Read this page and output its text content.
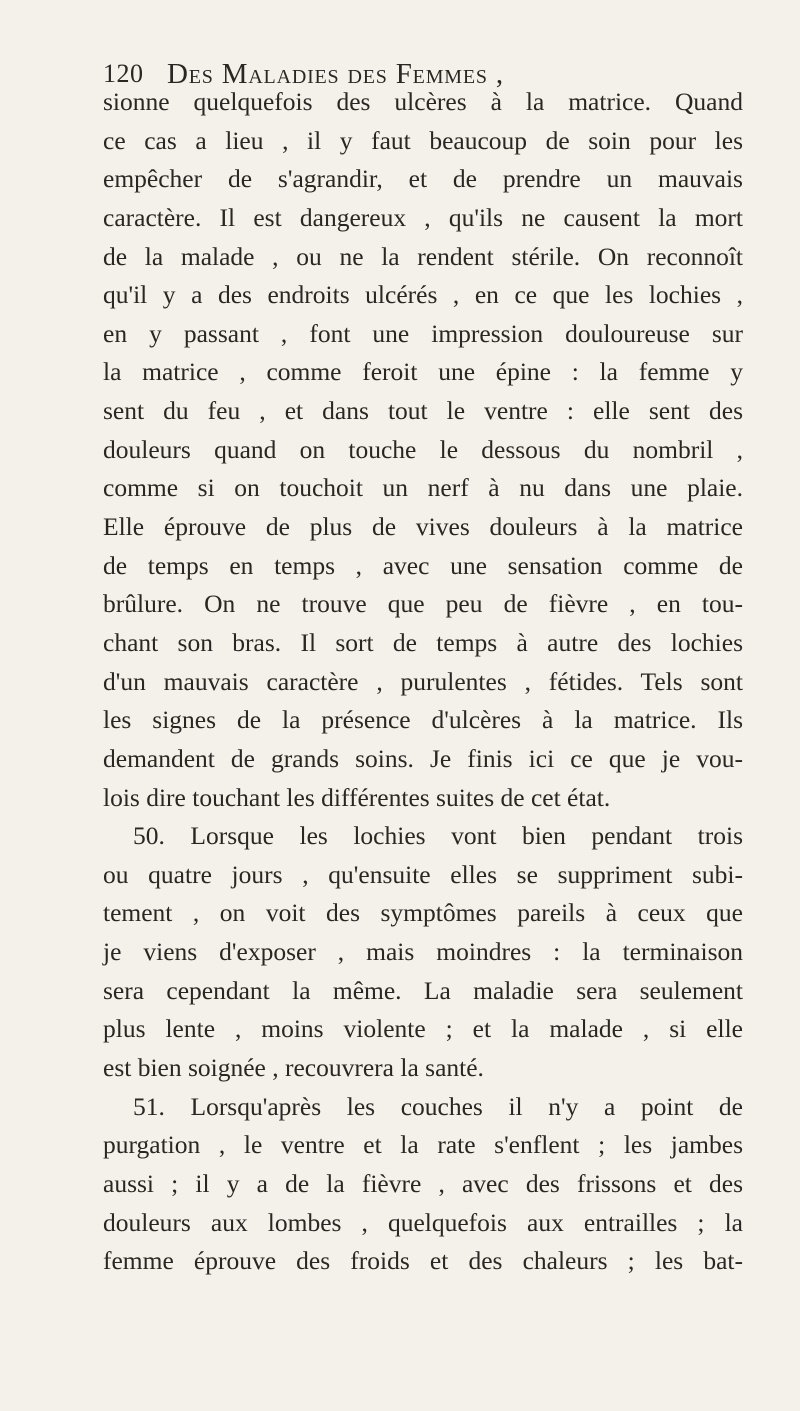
120 Des Maladies des Femmes ,
sionne quelquefois des ulcères à la matrice. Quand
ce cas a lieu , il y faut beaucoup de soin pour les
empêcher de s'agrandir, et de prendre un mauvais
caractère. Il est dangereux , qu'ils ne causent la mort
de la malade , ou ne la rendent stérile. On reconnoît
qu'il y a des endroits ulcérés , en ce que les lochies ,
en y passant , font une impression douloureuse sur
la matrice , comme feroit une épine : la femme y
sent du feu , et dans tout le ventre : elle sent des
douleurs quand on touche le dessous du nombril ,
comme si on touchoit un nerf à nu dans une plaie.
Elle éprouve de plus de vives douleurs à la matrice
de temps en temps , avec une sensation comme de
brûlure. On ne trouve que peu de fièvre , en tou-
chant son bras. Il sort de temps à autre des lochies
d'un mauvais caractère , purulentes , fétides. Tels sont
les signes de la présence d'ulcères à la matrice. Ils
demandent de grands soins. Je finis ici ce que je vou-
lois dire touchant les différentes suites de cet état.
50. Lorsque les lochies vont bien pendant trois
ou quatre jours , qu'ensuite elles se suppriment subi-
tement , on voit des symptômes pareils à ceux que
je viens d'exposer , mais moindres : la terminaison
sera cependant la même. La maladie sera seulement
plus lente , moins violente ; et la malade , si elle
est bien soignée , recouvrera la santé.
51. Lorsqu'après les couches il n'y a point de
purgation , le ventre et la rate s'enflent ; les jambes
aussi ; il y a de la fièvre , avec des frissons et des
douleurs aux lombes , quelquefois aux entrailles ; la
femme éprouve des froids et des chaleurs ; les bat-
